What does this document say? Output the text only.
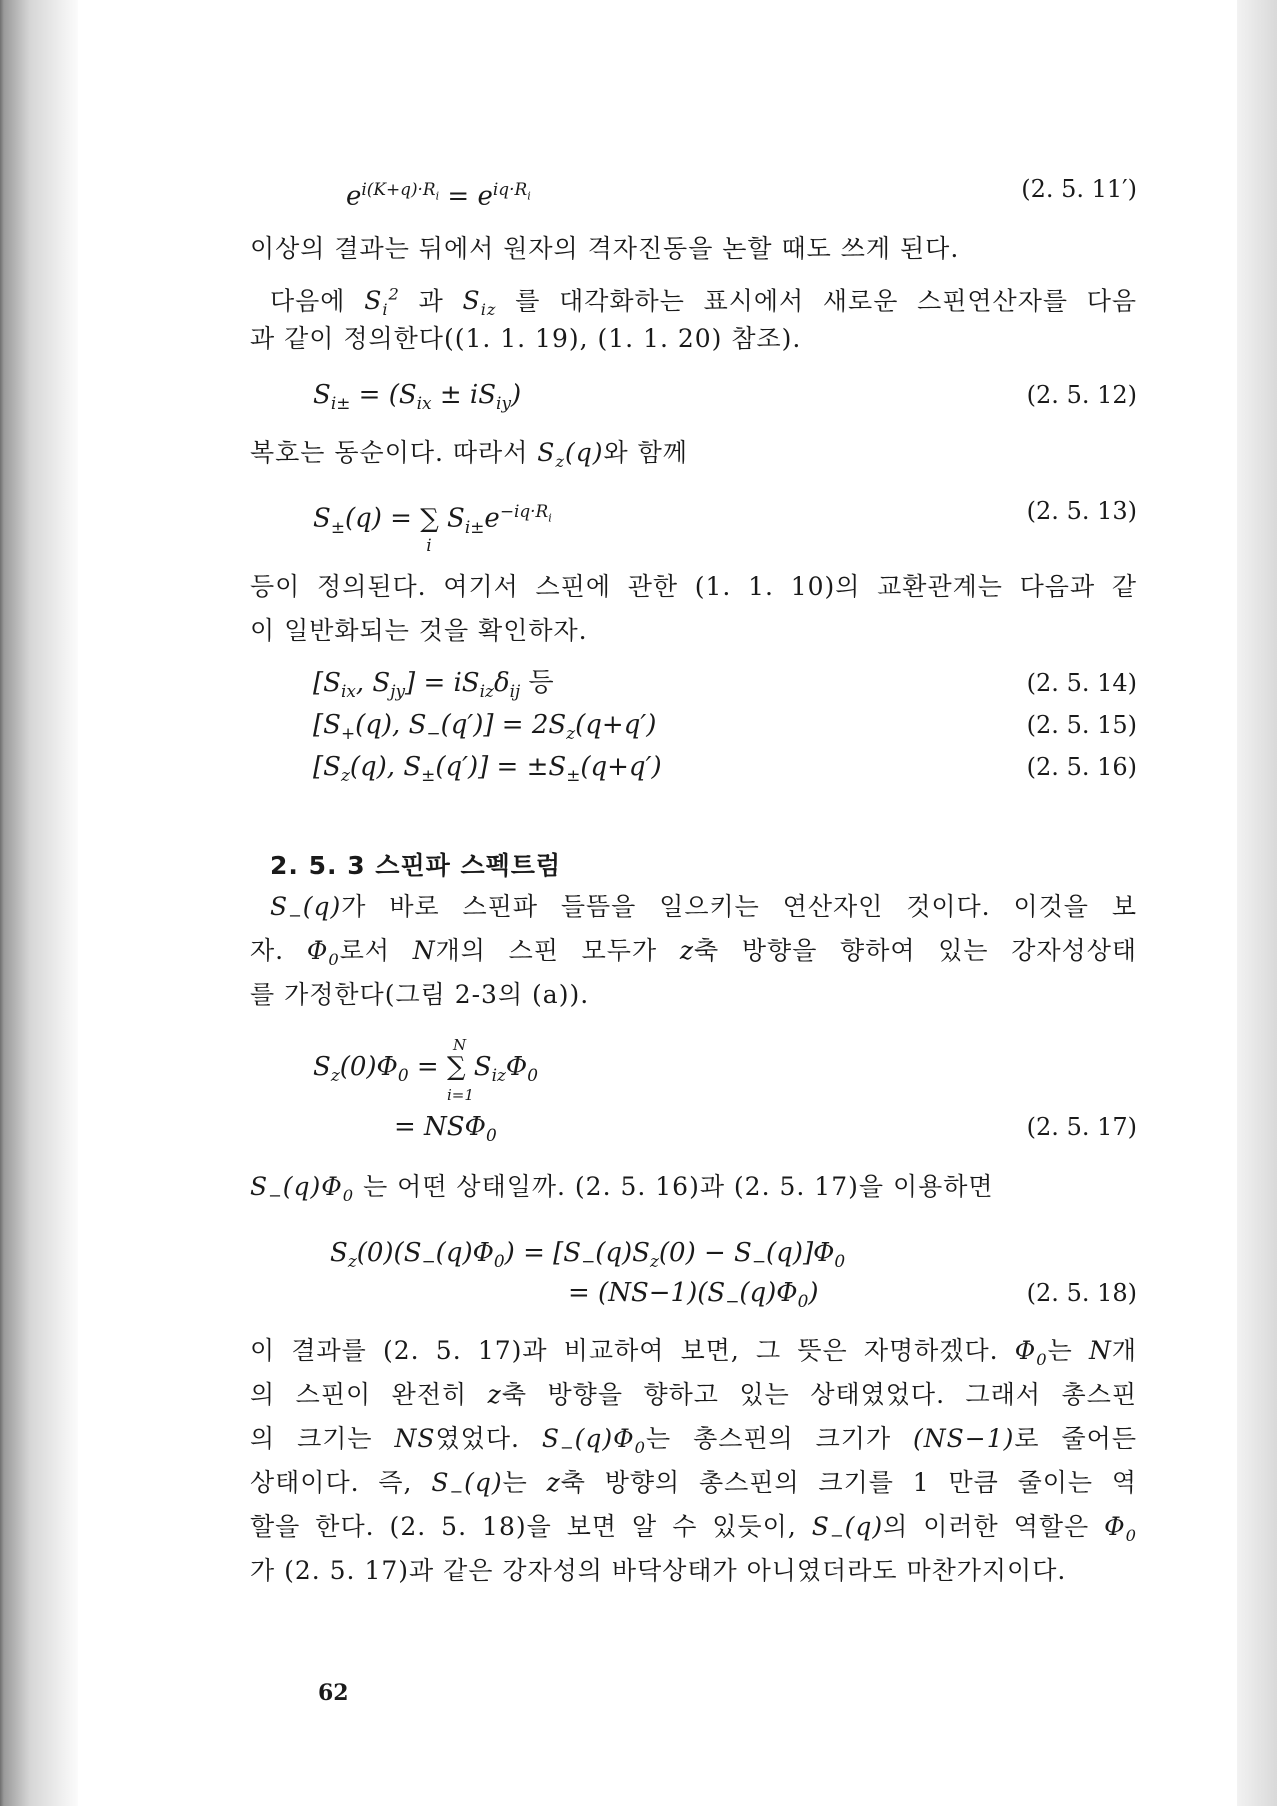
$e^{i(K+q)\cdot R_i} = e^{iq\cdot R_i}$	(2. 5. 11′)
이상의 결과는 뒤에서 원자의 격자진동을 논할 때도 쓰게 된다.
다음에 $S_i^2$ 과 $S_{iz}$ 를 대각화하는 표시에서 새로운 스핀연산자를 다음
과 같이 정의한다((1. 1. 19), (1. 1. 20) 참조).
$S_{i\pm} = (S_{ix} \pm iS_{iy})$	(2. 5. 12)
복호는 동순이다. 따라서 $S_z(q)$와 함께
$S_\pm(q)$ = ∑
i
$S_{i\pm}e^{-iq\cdot R_i}$	(2. 5. 13)
등이 정의된다. 여기서 스핀에 관한 (1. 1. 10)의 교환관계는 다음과 같
이 일반화되는 것을 확인하자.
[$S_{ix}$, $S_{jy}] = iS_{iz}\delta_{ij}$ 등	(2. 5. 14)
[$S_+(q)$, $S_-(q')] = 2S_z(q+q')$	(2. 5. 15)
[$S_z(q)$, $S_\pm(q')] = \pm S_\pm(q+q')$	(2. 5. 16)
2. 5. 3 스핀파 스펙트럼
$S_-(q)$가 바로 스핀파 들뜸을 일으키는 연산자인 것이다. 이것을 보
자. $\Phi_0$로서 N개의 스핀 모두가 z축 방향을 향하여 있는 강자성상태
를 가정한다(그림 2-3의 (a)).
$S_z(0)\Phi_0$ =
N
∑
i=1
$S_{iz}\Phi_0$
= $NS\Phi_0$	(2. 5. 17)
$S_-(q)\Phi_0$ 는 어떤 상태일까. (2. 5. 16)과 (2. 5. 17)을 이용하면
$S_z(0)(S_-(q)\Phi_0) = [S_-(q)S_z(0) - S_-(q)]\Phi_0$
= $(NS-1)(S_-(q)\Phi_0)$	(2. 5. 18)
이 결과를 (2. 5. 17)과 비교하여 보면, 그 뜻은 자명하겠다. $\Phi_0$는 N개
의 스핀이 완전히 z축 방향을 향하고 있는 상태였었다. 그래서 총스핀
의 크기는 NS였었다. $S_-(q)\Phi_0$는 총스핀의 크기가 (NS−1)로 줄어든
상태이다. 즉, $S_-(q)$는 z축 방향의 총스핀의 크기를 1 만큼 줄이는 역
할을 한다. (2. 5. 18)을 보면 알 수 있듯이, $S_-(q)$의 이러한 역할은 $\Phi_0$
가 (2. 5. 17)과 같은 강자성의 바닥상태가 아니였더라도 마찬가지이다.
62
